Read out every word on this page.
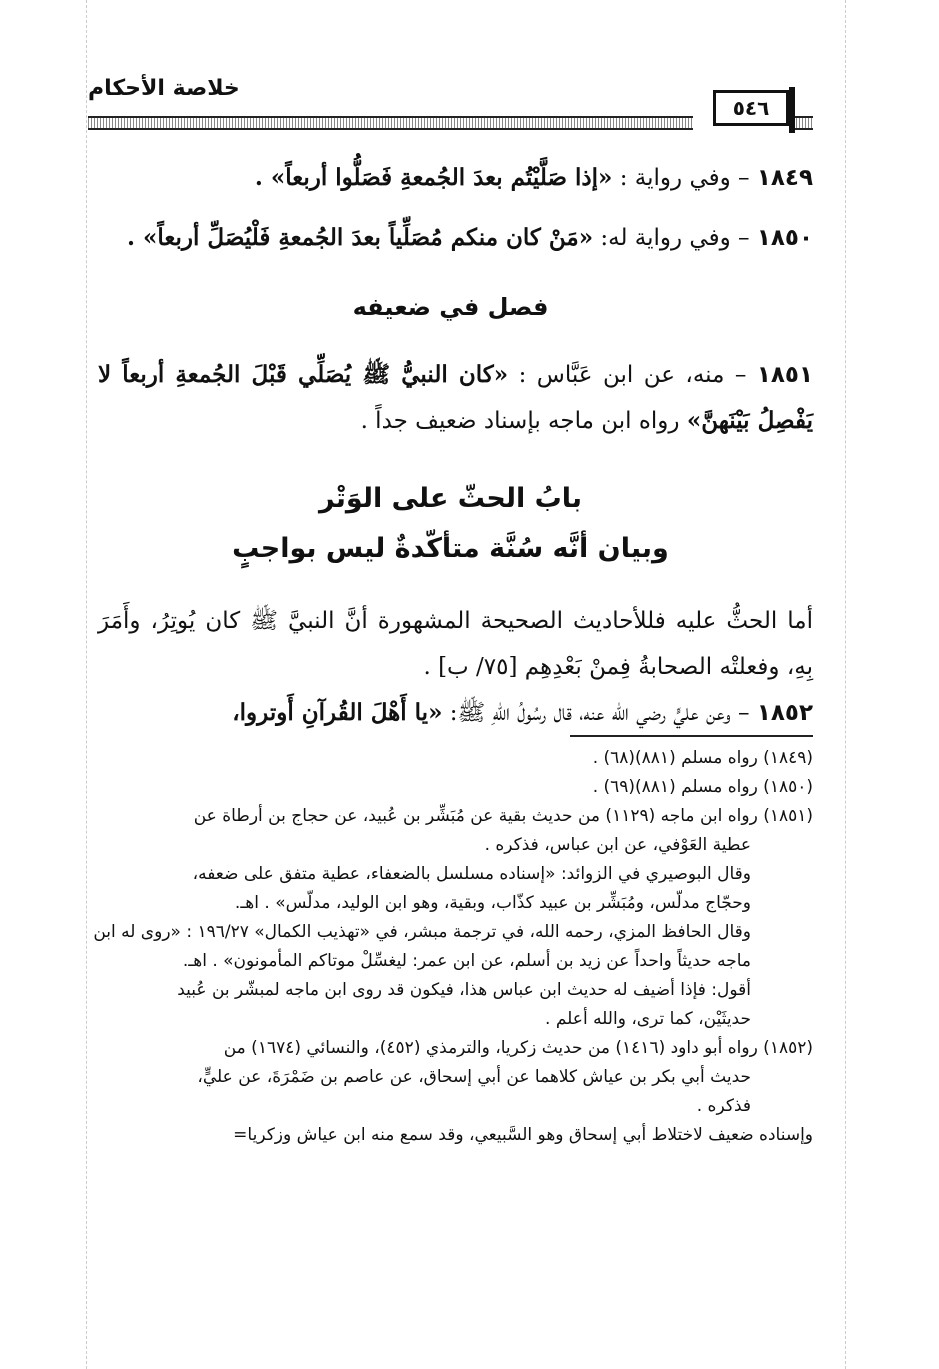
خلاصة الأحكام
٥٤٦
١٨٤٩ – وفي رواية : «إذا صَلَّيْتُم بعدَ الجُمعةِ فَصَلُّوا أربعاً» .
١٨٥٠ – وفي رواية له: «مَنْ كان منكم مُصَلِّياً بعدَ الجُمعةِ فَلْيُصَلِّ أربعاً» .
فصل في ضعيفه
١٨٥١ – منه، عن ابن عَبَّاس : «كان النبيُّ ﷺ يُصَلِّي قَبْلَ الجُمعةِ أربعاً لا يَفْصِلُ بَيْنَهنَّ» رواه ابن ماجه بإسناد ضعيف جداً .
بابُ الحثّ على الوَتْر
وبيان أنَّه سُنَّة متأكّدةٌ ليس بواجبٍ
أما الحثُّ عليه فللأحاديث الصحيحة المشهورة أنَّ النبيَّ ﷺ كان يُوتِرُ، وأَمَرَ بِهِ، وفعلتْه الصحابةُ فِمنْ بَعْدِهِم [٧٥/ ب] .
١٨٥٢ – وعن عليٍّ رضي الله عنه، قال رسُولُ اللهِ ﷺ: «يا أَهْلَ القُرآنِ أَوتروا،
(١٨٤٩) رواه مسلم (٨٨١)(٦٨) .
(١٨٥٠) رواه مسلم (٨٨١)(٦٩) .
(١٨٥١) رواه ابن ماجه (١١٢٩) من حديث بقية عن مُبَشِّر بن عُبيد، عن حجاج بن أرطاة عن
عطية العَوْفي، عن ابن عباس، فذكره .
وقال البوصيري في الزوائد: «إسناده مسلسل بالضعفاء، عطية متفق على ضعفه،
وحجّاج مدلّس، ومُبَشِّر بن عبيد كذّاب، وبقية، وهو ابن الوليد، مدلّس» . اهـ.
وقال الحافظ المزي، رحمه الله، في ترجمة مبشر، في «تهذيب الكمال» ١٩٦/٢٧ : «روى له ابن
ماجه حديثاً واحداً عن زيد بن أسلم، عن ابن عمر: ليغسِّلْ موتاكم المأمونون» . اهـ.
أقول: فإذا أضيف له حديث ابن عباس هذا، فيكون قد روى ابن ماجه لمبشّر بن عُبيد
حديثَيْن، كما ترى، والله أعلم .
(١٨٥٢) رواه أبو داود (١٤١٦) من حديث زكريا، والترمذي (٤٥٢)، والنسائي (١٦٧٤) من
حديث أبي بكر بن عياش كلاهما عن أبي إسحاق، عن عاصم بن ضَمْرَةَ، عن عليٍّ،
فذكره .
وإسناده ضعيف لاختلاط أبي إسحاق وهو السَّبيعي، وقد سمع منه ابن عياش وزكريا=
